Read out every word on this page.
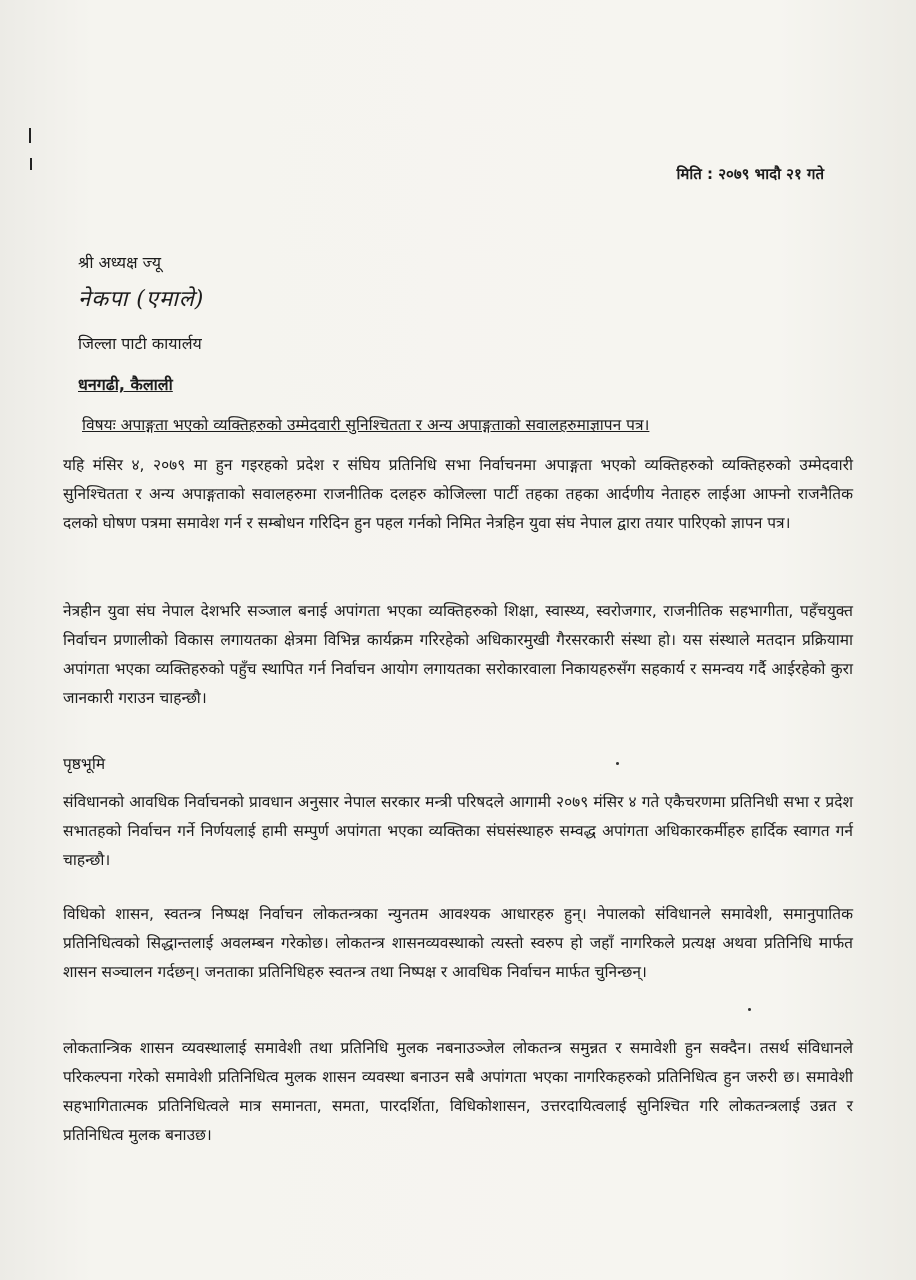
मिति : २०७९ भादौ २१ गते
श्री अध्यक्ष ज्यू
नेकपा (एमाले)
जिल्ला पाटी कायार्लय
धनगढी, कैलाली
विषयः अपाङ्गता भएको व्यक्तिहरुको उम्मेदवारी सुनिश्चितता र अन्य अपाङ्गताको सवालहरुमाज्ञापन पत्र।
यहि मंसिर ४, २०७९ मा हुन गइरहको प्रदेश र संघिय प्रतिनिधि सभा निर्वाचनमा अपाङ्गता भएको व्यक्तिहरुको व्यक्तिहरुको उम्मेदवारी सुनिश्चितता र अन्य अपाङ्गताको सवालहरुमा राजनीतिक दलहरु कोजिल्ला पार्टी तहका तहका आर्दणीय नेताहरु लाईआ आफ्नो राजनैतिक दलको घोषण पत्रमा समावेश गर्न र सम्बोधन गरिदिन हुन पहल गर्नको निमित नेत्रहिन युवा संघ नेपाल द्वारा तयार पारिएको ज्ञापन पत्र।
नेत्रहीन युवा संघ नेपाल देशभरि सञ्जाल बनाई अपांगता भएका व्यक्तिहरुको शिक्षा, स्वास्थ्य, स्वरोजगार, राजनीतिक सहभागीता, पहँचयुक्त निर्वाचन प्रणालीको विकास लगायतका क्षेत्रमा विभिन्न कार्यक्रम गरिरहेको अधिकारमुखी गैरसरकारी संस्था हो। यस संस्थाले मतदान प्रक्रियामा अपांगता भएका व्यक्तिहरुको पहुँच स्थापित गर्न निर्वाचन आयोग लगायतका सरोकारवाला निकायहरुसँग सहकार्य र समन्वय गर्दै आईरहेको कुरा जानकारी गराउन चाहन्छौ।
पृष्ठभूमि
संविधानको आवधिक निर्वाचनको प्रावधान अनुसार नेपाल सरकार मन्त्री परिषदले आगामी २०७९ मंसिर ४ गते एकैचरणमा प्रतिनिधी सभा र प्रदेश सभातहको निर्वाचन गर्ने निर्णयलाई हामी सम्पुर्ण अपांगता भएका व्यक्तिका संघसंस्थाहरु सम्वद्ध अपांगता अधिकारकर्मीहरु हार्दिक स्वागत गर्न चाहन्छौ।
विधिको शासन, स्वतन्त्र निष्पक्ष निर्वाचन लोकतन्त्रका न्युनतम आवश्यक आधारहरु हुन्। नेपालको संविधानले समावेशी, समानुपातिक प्रतिनिधित्वको सिद्धान्तलाई अवलम्बन गरेकोछ। लोकतन्त्र शासनव्यवस्थाको त्यस्तो स्वरुप हो जहाँ नागरिकले प्रत्यक्ष अथवा प्रतिनिधि मार्फत शासन सञ्चालन गर्दछन्। जनताका प्रतिनिधिहरु स्वतन्त्र तथा निष्पक्ष र आवधिक निर्वाचन मार्फत चुनिन्छन्।
लोकतान्त्रिक शासन व्यवस्थालाई समावेशी तथा प्रतिनिधि मुलक नबनाउञ्जेल लोकतन्त्र समुन्नत र समावेशी हुन सक्दैन। तसर्थ संविधानले परिकल्पना गरेको समावेशी प्रतिनिधित्व मुलक शासन व्यवस्था बनाउन सबै अपांगता भएका नागरिकहरुको प्रतिनिधित्व हुन जरुरी छ। समावेशी सहभागितात्मक प्रतिनिधित्वले मात्र समानता, समता, पारदर्शिता, विधिकोशासन, उत्तरदायित्वलाई सुनिश्चित गरि लोकतन्त्रलाई उन्नत र प्रतिनिधित्व मुलक बनाउछ।
